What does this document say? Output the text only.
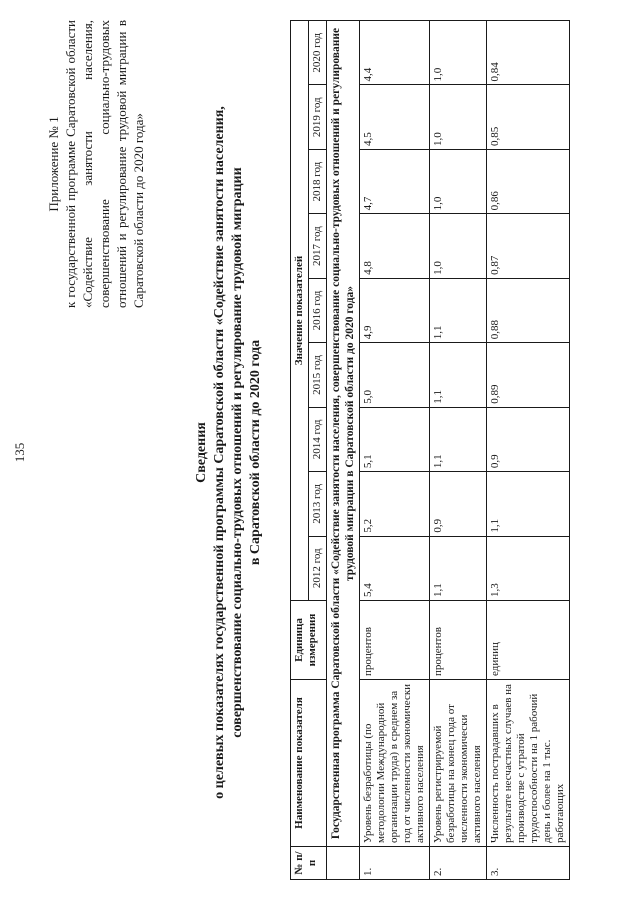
135
Приложение № 1 к государственной программе Саратовской области «Содействие занятости населения, совершенствование социально-трудовых отношений и регулирование трудовой миграции в Саратовской области до 2020 года»
Сведения о целевых показателях государственной программы Саратовской области «Содействие занятости населения, совершенствование социально-трудовых отношений и регулирование трудовой миграции в Саратовской области до 2020 года
№ п/п	Наименование показателя	Единица измерения	Значение показателей								
			2012 год	2013 год	2014 год	2015 год	2016 год	2017 год	2018 год	2019 год	2020 год
	Государственная программа Саратовской области «Содействие занятости населения, совершенствование социально-трудовых отношений и регулирование трудовой миграции в Саратовской области до 2020 года»										
1.	Уровень безработицы (по методологии Международной организации труда) в среднем за год от численности экономически активного населения	процентов	5,4	5,2	5,1	5,0	4,9	4,8	4,7	4,5	4,4
2.	Уровень регистрируемой безработицы на конец года от численности экономически активного населения	процентов	1,1	0,9	1,1	1,1	1,1	1,0	1,0	1,0	1,0
3.	Численность пострадавших в результате несчастных случаев на производстве с утратой трудоспособности на 1 рабочий день и более на 1 тыс. работающих	единиц	1,3	1,1	0,9	0,89	0,88	0,87	0,86	0,85	0,84
